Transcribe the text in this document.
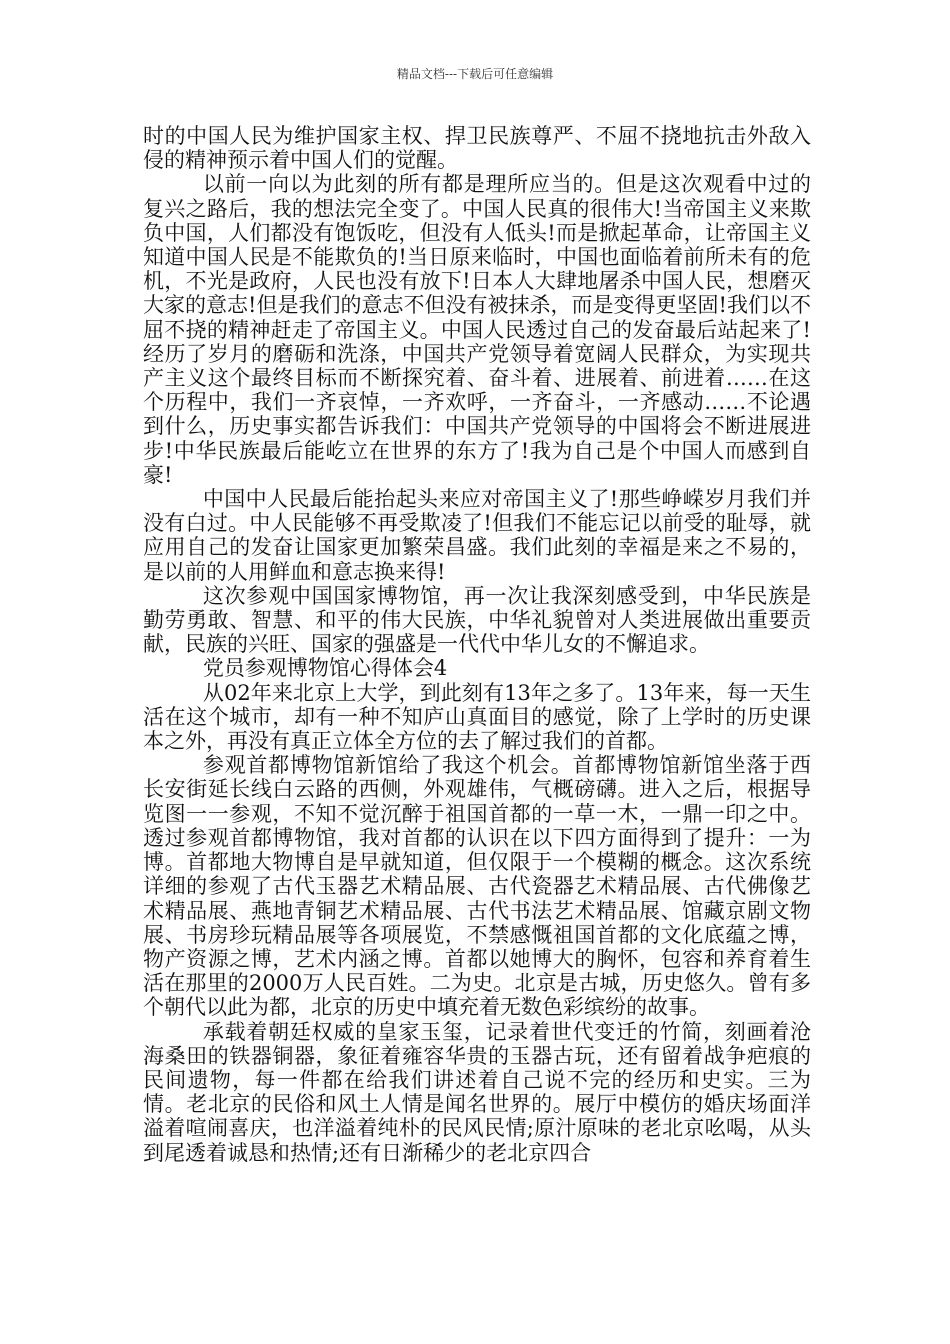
精品文档---下载后可任意编辑

时的中国人民为维护国家主权、捍卫民族尊严、不屈不挠地抗击外敌入侵的精神预示着中国人们的觉醒。

以前一向以为此刻的所有都是理所应当的。但是这次观看中过的复兴之路后，我的想法完全变了。中国人民真的很伟大!当帝国主义来欺负中国，人们都没有饱饭吃，但没有人低头!而是掀起革命，让帝国主义知道中国人民是不能欺负的!当日原来临时，中国也面临着前所未有的危机，不光是政府，人民也没有放下!日本人大肆地屠杀中国人民，想磨灭大家的意志!但是我们的意志不但没有被抹杀，而是变得更坚固!我们以不屈不挠的精神赶走了帝国主义。中国人民透过自己的发奋最后站起来了!经历了岁月的磨砺和洗涤，中国共产党领导着宽阔人民群众，为实现共产主义这个最终目标而不断探究着、奋斗着、进展着、前进着……在这个历程中，我们一齐哀悼，一齐欢呼，一齐奋斗，一齐感动……不论遇到什么，历史事实都告诉我们：中国共产党领导的中国将会不断进展进步!中华民族最后能屹立在世界的东方了!我为自己是个中国人而感到自豪!

中国中人民最后能抬起头来应对帝国主义了!那些峥嵘岁月我们并没有白过。中人民能够不再受欺凌了!但我们不能忘记以前受的耻辱，就应用自己的发奋让国家更加繁荣昌盛。我们此刻的幸福是来之不易的，是以前的人用鲜血和意志换来得!

这次参观中国国家博物馆，再一次让我深刻感受到，中华民族是勤劳勇敢、智慧、和平的伟大民族，中华礼貌曾对人类进展做出重要贡献，民族的兴旺、国家的强盛是一代代中华儿女的不懈追求。

党员参观博物馆心得体会4

从02年来北京上大学，到此刻有13年之多了。13年来，每一天生活在这个城市，却有一种不知庐山真面目的感觉，除了上学时的历史课本之外，再没有真正立体全方位的去了解过我们的首都。

参观首都博物馆新馆给了我这个机会。首都博物馆新馆坐落于西长安街延长线白云路的西侧，外观雄伟，气概磅礴。进入之后，根据导览图一一参观，不知不觉沉醉于祖国首都的一草一木，一鼎一印之中。透过参观首都博物馆，我对首都的认识在以下四方面得到了提升：一为博。首都地大物博自是早就知道，但仅限于一个模糊的概念。这次系统详细的参观了古代玉器艺术精品展、古代瓷器艺术精品展、古代佛像艺术精品展、燕地青铜艺术精品展、古代书法艺术精品展、馆藏京剧文物展、书房珍玩精品展等各项展览，不禁感慨祖国首都的文化底蕴之博，物产资源之博，艺术内涵之博。首都以她博大的胸怀，包容和养育着生活在那里的2000万人民百姓。二为史。北京是古城，历史悠久。曾有多个朝代以此为都，北京的历史中填充着无数色彩缤纷的故事。

承载着朝廷权威的皇家玉玺，记录着世代变迁的竹简，刻画着沧海桑田的铁器铜器，象征着雍容华贵的玉器古玩，还有留着战争疤痕的民间遗物，每一件都在给我们讲述着自己说不完的经历和史实。三为情。老北京的民俗和风土人情是闻名世界的。展厅中模仿的婚庆场面洋溢着喧闹喜庆，也洋溢着纯朴的民风民情;原汁原味的老北京吆喝，从头到尾透着诚恳和热情;还有日渐稀少的老北京四合
